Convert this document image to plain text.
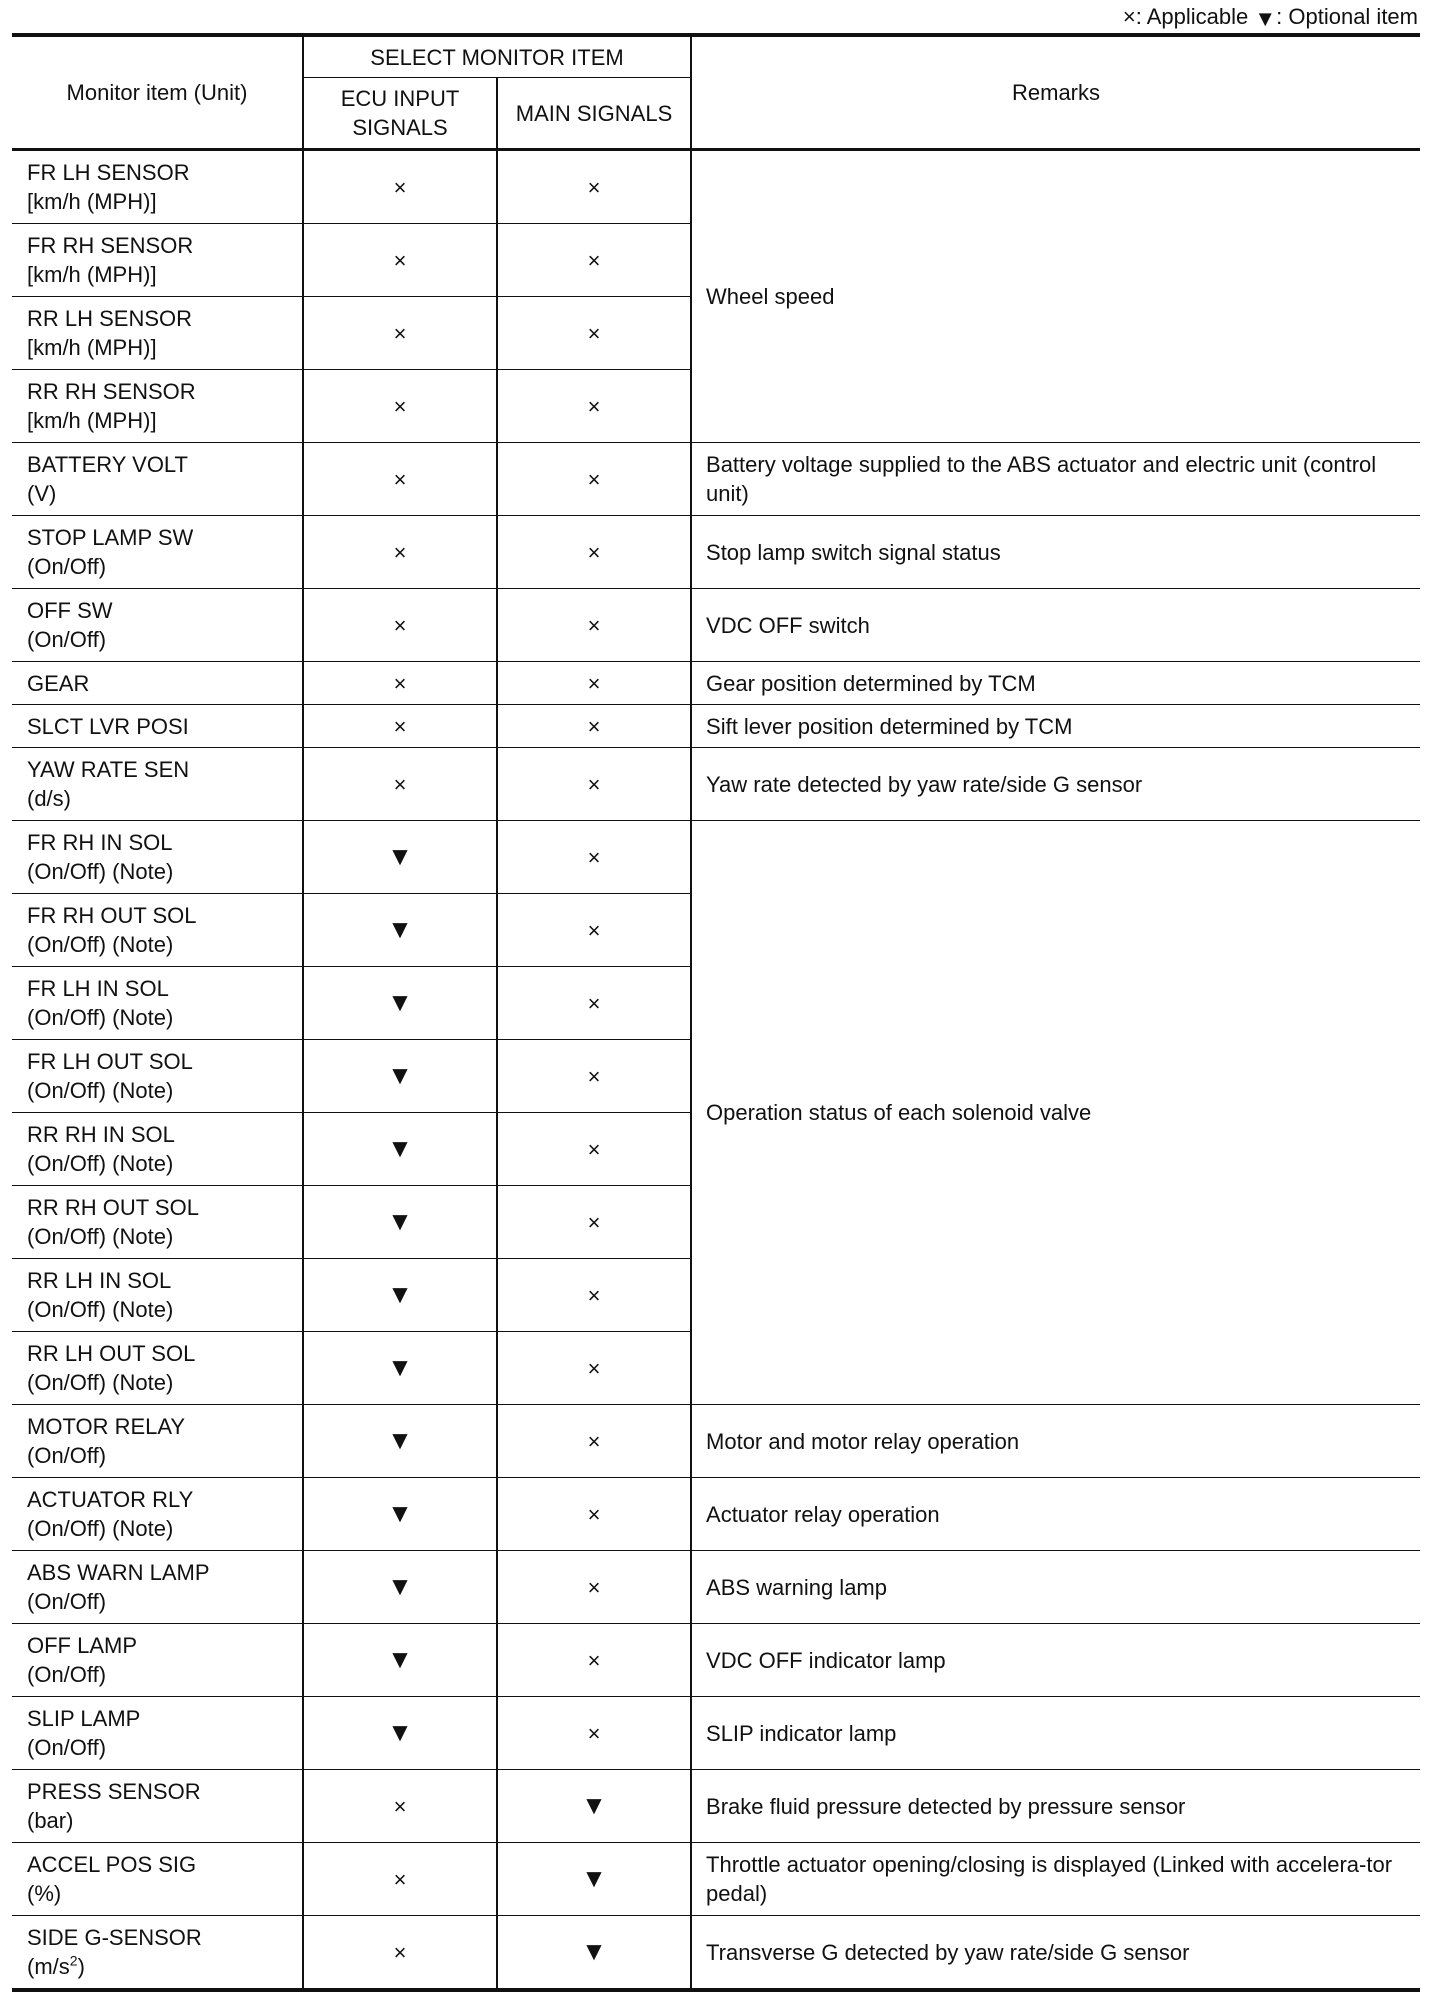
×: Applicable ▼: Optional item
Monitor item (Unit)	SELECT MONITOR ITEM		Remarks

	ECU INPUT
SIGNALS	MAIN SIGNALS	

FR LH SENSOR
[km/h (MPH)]	×	×	Wheel speed

FR RH SENSOR
[km/h (MPH)]	×	×	

RR LH SENSOR
[km/h (MPH)]	×	×	

RR RH SENSOR
[km/h (MPH)]	×	×	

BATTERY VOLT
(V)	×	×	Battery voltage supplied to the ABS actuator and electric unit (control unit)

STOP LAMP SW
(On/Off)	×	×	Stop lamp switch signal status

OFF SW
(On/Off)	×	×	VDC OFF switch

GEAR	×	×	Gear position determined by TCM

SLCT LVR POSI	×	×	Sift lever position determined by TCM

YAW RATE SEN
(d/s)	×	×	Yaw rate detected by yaw rate/side G sensor

FR RH IN SOL
(On/Off) (Note)	▼	×	Operation status of each solenoid valve

FR RH OUT SOL
(On/Off) (Note)	▼	×	

FR LH IN SOL
(On/Off) (Note)	▼	×	

FR LH OUT SOL
(On/Off) (Note)	▼	×	

RR RH IN SOL
(On/Off) (Note)	▼	×	

RR RH OUT SOL
(On/Off) (Note)	▼	×	

RR LH IN SOL
(On/Off) (Note)	▼	×	

RR LH OUT SOL
(On/Off) (Note)	▼	×	

MOTOR RELAY
(On/Off)	▼	×	Motor and motor relay operation

ACTUATOR RLY
(On/Off) (Note)	▼	×	Actuator relay operation

ABS WARN LAMP
(On/Off)	▼	×	ABS warning lamp

OFF LAMP
(On/Off)	▼	×	VDC OFF indicator lamp

SLIP LAMP
(On/Off)	▼	×	SLIP indicator lamp

PRESS SENSOR
(bar)	×	▼	Brake fluid pressure detected by pressure sensor

ACCEL POS SIG
(%)	×	▼	Throttle actuator opening/closing is displayed (Linked with accelera-tor pedal)

SIDE G-SENSOR
$(m/s^2)$	×	▼	Transverse G detected by yaw rate/side G sensor
